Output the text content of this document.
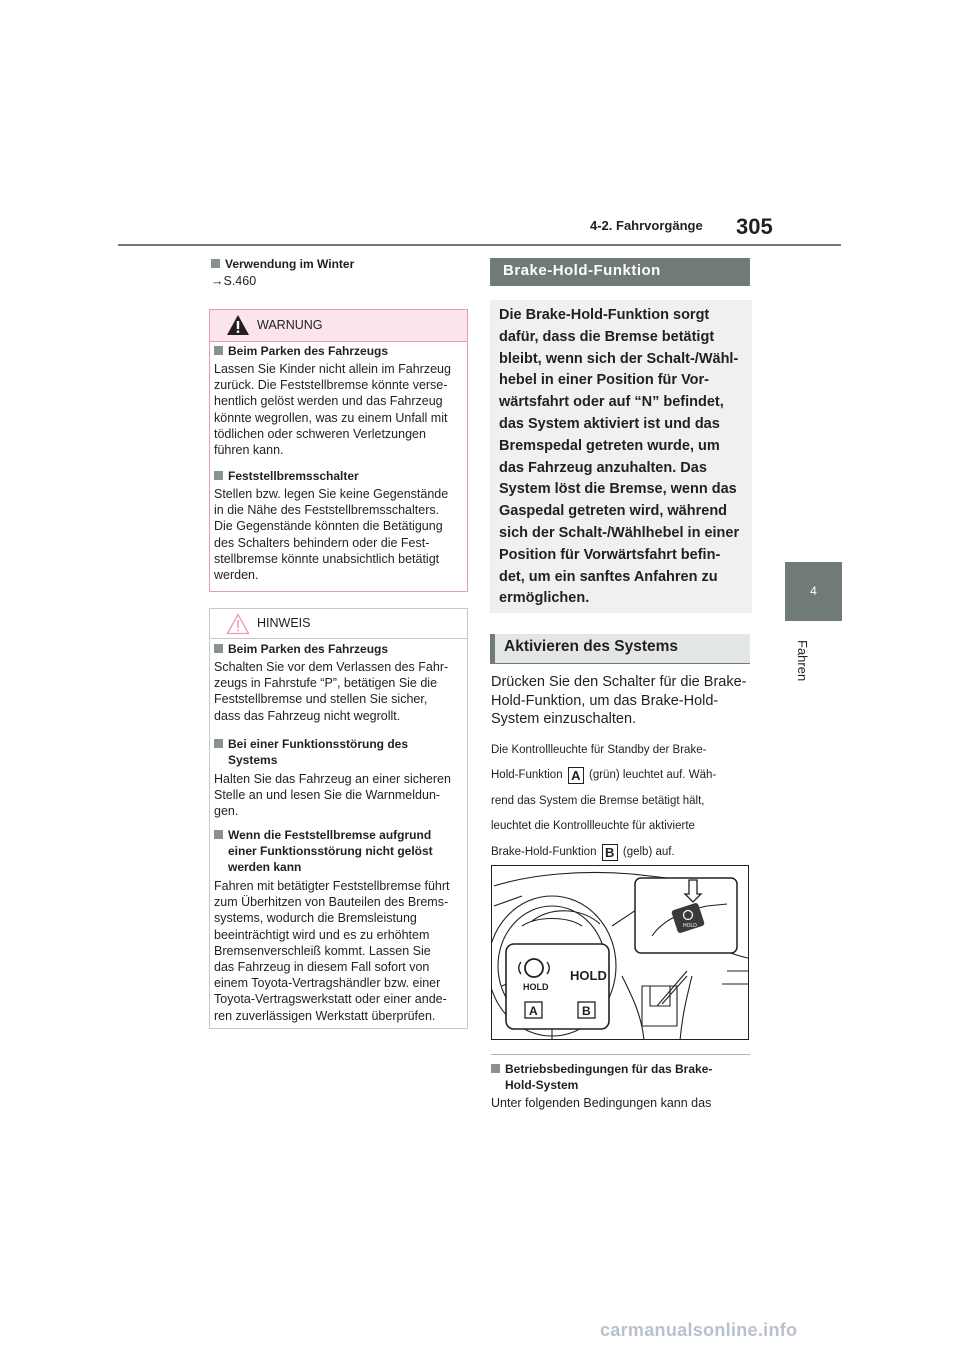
4-2. Fahrvorgänge 305
4
Fahren
Verwendung im Winter
→S.460
WARNUNG
Beim Parken des Fahrzeugs
Lassen Sie Kinder nicht allein im Fahrzeug
zurück. Die Feststellbremse könnte verse-
hentlich gelöst werden und das Fahrzeug
könnte wegrollen, was zu einem Unfall mit
tödlichen oder schweren Verletzungen
führen kann.
Feststellbremsschalter
Stellen bzw. legen Sie keine Gegenstände
in die Nähe des Feststellbremsschalters.
Die Gegenstände könnten die Betätigung
des Schalters behindern oder die Fest-
stellbremse könnte unabsichtlich betätigt
werden.
HINWEIS
Beim Parken des Fahrzeugs
Schalten Sie vor dem Verlassen des Fahr-
zeugs in Fahrstufe “P”, betätigen Sie die
Feststellbremse und stellen Sie sicher,
dass das Fahrzeug nicht wegrollt.
Bei einer Funktionsstörung des
Systems
Halten Sie das Fahrzeug an einer sicheren
Stelle an und lesen Sie die Warnmeldun-
gen.
Wenn die Feststellbremse aufgrund
einer Funktionsstörung nicht gelöst
werden kann
Fahren mit betätigter Feststellbremse führt
zum Überhitzen von Bauteilen des Brems-
systems, wodurch die Bremsleistung
beeinträchtigt wird und es zu erhöhtem
Bremsenverschleiß kommt. Lassen Sie
das Fahrzeug in diesem Fall sofort von
einem Toyota-Vertragshändler bzw. einer
Toyota-Vertragswerkstatt oder einer ande-
ren zuverlässigen Werkstatt überprüfen.
Brake-Hold-Funktion
Die Brake-Hold-Funktion sorgt
dafür, dass die Bremse betätigt
bleibt, wenn sich der Schalt-/Wähl-
hebel in einer Position für Vor-
wärtsfahrt oder auf “N” befindet,
das System aktiviert ist und das
Bremspedal getreten wurde, um
das Fahrzeug anzuhalten. Das
System löst die Bremse, wenn das
Gaspedal getreten wird, während
sich der Schalt-/Wählhebel in einer
Position für Vorwärtsfahrt befin-
det, um ein sanftes Anfahren zu
ermöglichen.
Aktivieren des Systems
Drücken Sie den Schalter für die Brake-
Hold-Funktion, um das Brake-Hold-
System einzuschalten.
Die Kontrollleuchte für Standby der Brake-
Hold-Funktion A (grün) leuchtet auf. Wäh-
rend das System die Bremse betätigt hält,
leuchtet die Kontrollleuchte für aktivierte
Brake-Hold-Funktion B (gelb) auf.
HOLD
HOLD
HOLD
A	B
Betriebsbedingungen für das Brake-
Hold-System
Unter folgenden Bedingungen kann das
carmanualsonline.info
